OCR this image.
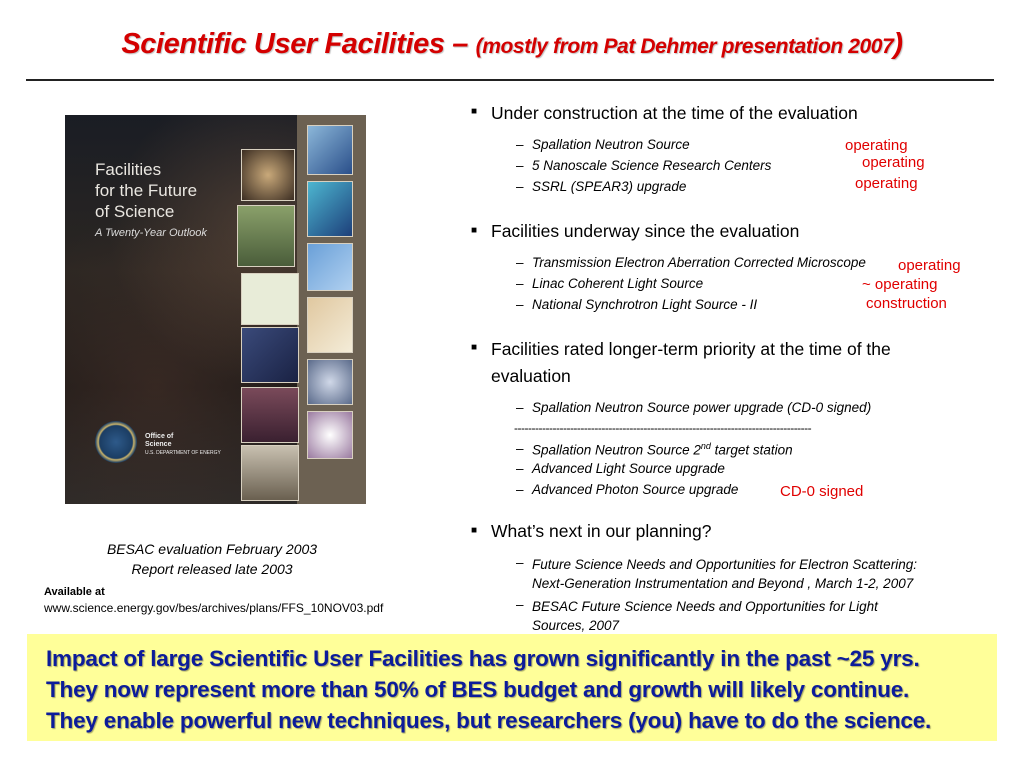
Scientific User Facilities – (mostly from Pat Dehmer presentation 2007)
Facilities
for the Future
of Science
A Twenty-Year Outlook
Office of
Science
U.S. DEPARTMENT OF ENERGY
BESAC evaluation February 2003
Report released late 2003
Available at
www.science.energy.gov/bes/archives/plans/FFS_10NOV03.pdf
■ Under construction at the time of the evaluation
– Spallation Neutron Source
– 5 Nanoscale Science Research Centers
– SSRL (SPEAR3) upgrade
operating
operating
operating
■ Facilities underway since the evaluation
– Transmission Electron Aberration Corrected Microscope
– Linac Coherent Light Source
– National Synchrotron Light Source - II
operating
~ operating
construction
■ Facilities rated longer-term priority at the time of the
evaluation
– Spallation Neutron Source power upgrade (CD-0 signed)
-------------------------------------------------------------------------------------
– Spallation Neutron Source 2nd target station
– Advanced Light Source upgrade
– Advanced Photon Source upgrade	CD-0 signed
■ What’s next in our planning?
– Future Science Needs and Opportunities for Electron Scattering:
Next-Generation Instrumentation and Beyond , March 1-2, 2007
– BESAC Future Science Needs and Opportunities for Light
Sources, 2007

Impact of large Scientific User Facilities has grown significantly in the past ~25 yrs.

They now represent more than 50% of BES budget and growth will likely continue.

They enable powerful new techniques, but researchers (you) have to do the science.
